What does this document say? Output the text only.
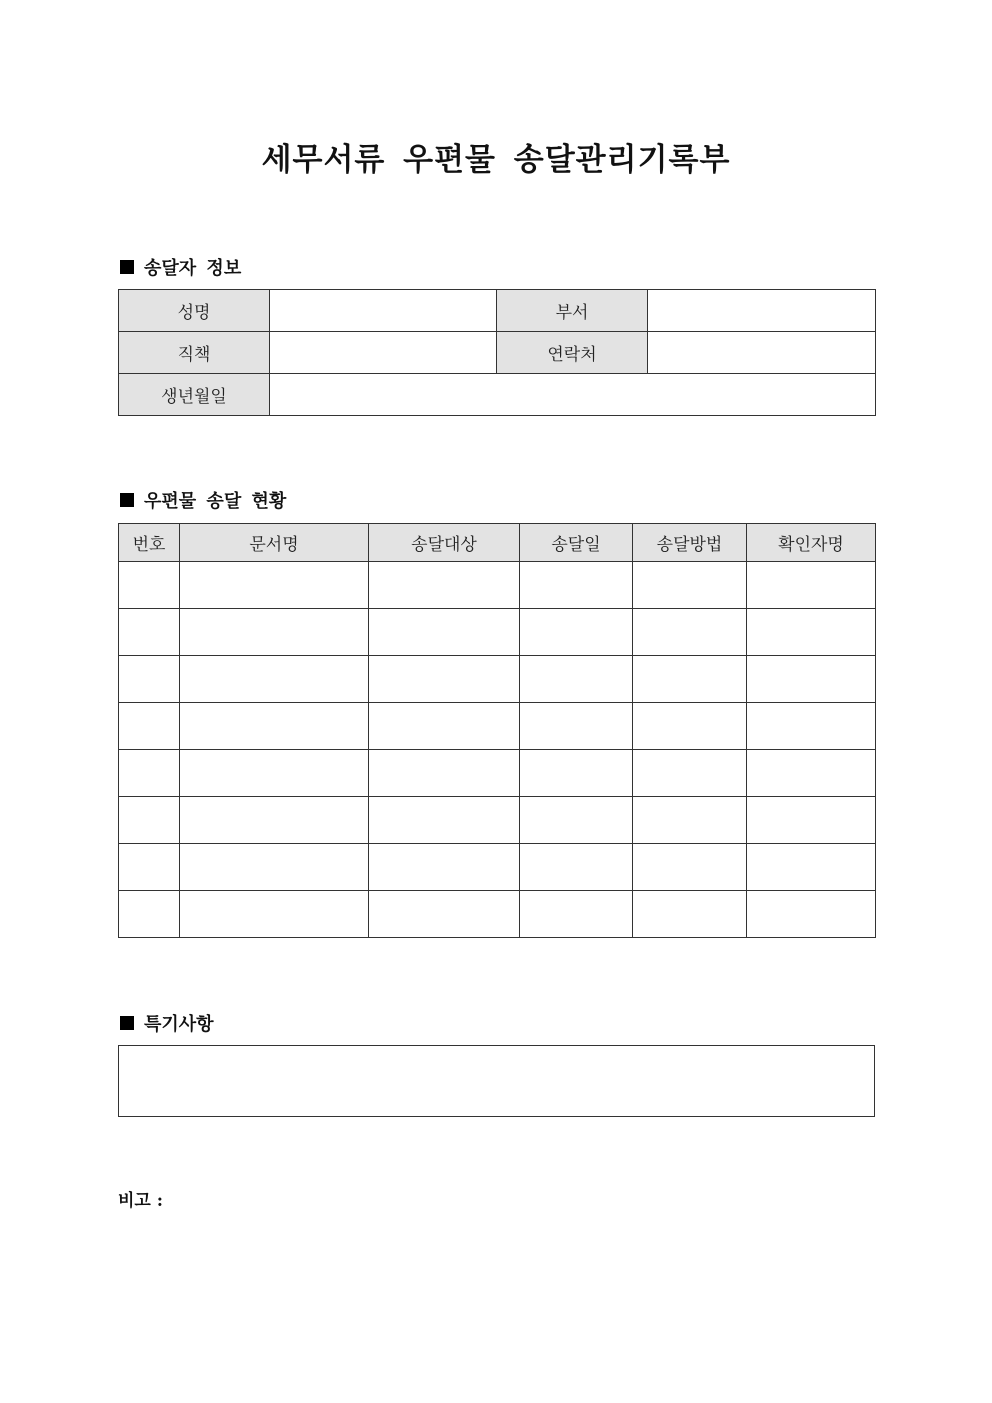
세무서류 우편물 송달관리기록부
송달자 정보
성명		부서	
직책		연락처	
생년월일			
우편물 송달 현황
번호	문서명	송달대상	송달일	송달방법	확인자명

특기사항
비고 :
